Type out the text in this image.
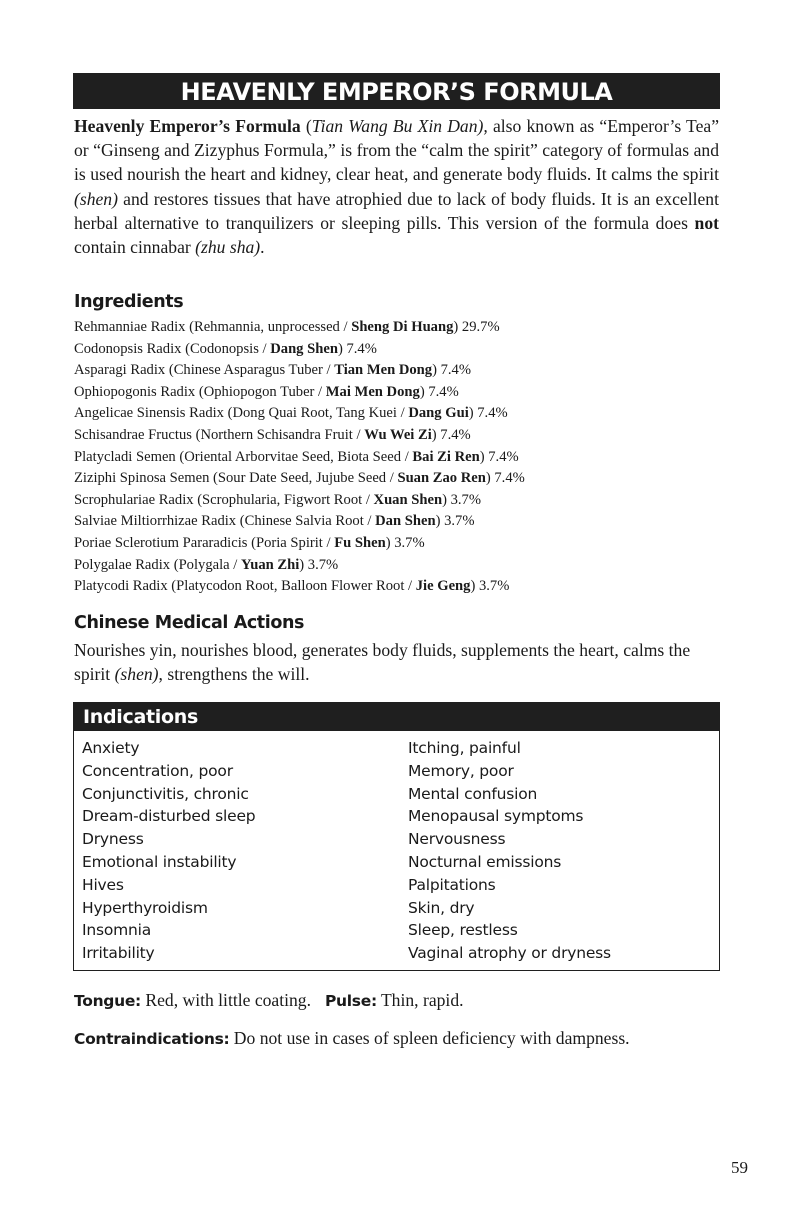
HEAVENLY EMPEROR’S FORMULA
Heavenly Emperor’s Formula (Tian Wang Bu Xin Dan), also known as “Emperor’s Tea” or “Ginseng and Zizyphus Formula,” is from the “calm the spirit” category of formulas and is used nourish the heart and kidney, clear heat, and generate body fluids. It calms the spirit (shen) and restores tissues that have atrophied due to lack of body fluids. It is an excellent herbal alternative to tranquilizers or sleeping pills. This version of the formula does not contain cinnabar (zhu sha).
Ingredients
Rehmanniae Radix (Rehmannia, unprocessed / Sheng Di Huang) 29.7%
Codonopsis Radix (Codonopsis / Dang Shen) 7.4%
Asparagi Radix (Chinese Asparagus Tuber / Tian Men Dong) 7.4%
Ophiopogonis Radix (Ophiopogon Tuber / Mai Men Dong) 7.4%
Angelicae Sinensis Radix (Dong Quai Root, Tang Kuei / Dang Gui) 7.4%
Schisandrae Fructus (Northern Schisandra Fruit / Wu Wei Zi) 7.4%
Platycladi Semen (Oriental Arborvitae Seed, Biota Seed / Bai Zi Ren) 7.4%
Ziziphi Spinosa Semen (Sour Date Seed, Jujube Seed / Suan Zao Ren) 7.4%
Scrophulariae Radix (Scrophularia, Figwort Root / Xuan Shen) 3.7%
Salviae Miltiorrhizae Radix (Chinese Salvia Root / Dan Shen) 3.7%
Poriae Sclerotium Pararadicis (Poria Spirit / Fu Shen) 3.7%
Polygalae Radix (Polygala / Yuan Zhi) 3.7%
Platycodi Radix (Platycodon Root, Balloon Flower Root / Jie Geng) 3.7%
Chinese Medical Actions
Nourishes yin, nourishes blood, generates body fluids, supplements the heart, calms the spirit (shen), strengthens the will.
Indications
Anxiety
Concentration, poor
Conjunctivitis, chronic
Dream-disturbed sleep
Dryness
Emotional instability
Hives
Hyperthyroidism
Insomnia
Irritability
Itching, painful
Memory, poor
Mental confusion
Menopausal symptoms
Nervousness
Nocturnal emissions
Palpitations
Skin, dry
Sleep, restless
Vaginal atrophy or dryness
Tongue: Red, with little coating. Pulse: Thin, rapid.
Contraindications: Do not use in cases of spleen deficiency with dampness.
59
